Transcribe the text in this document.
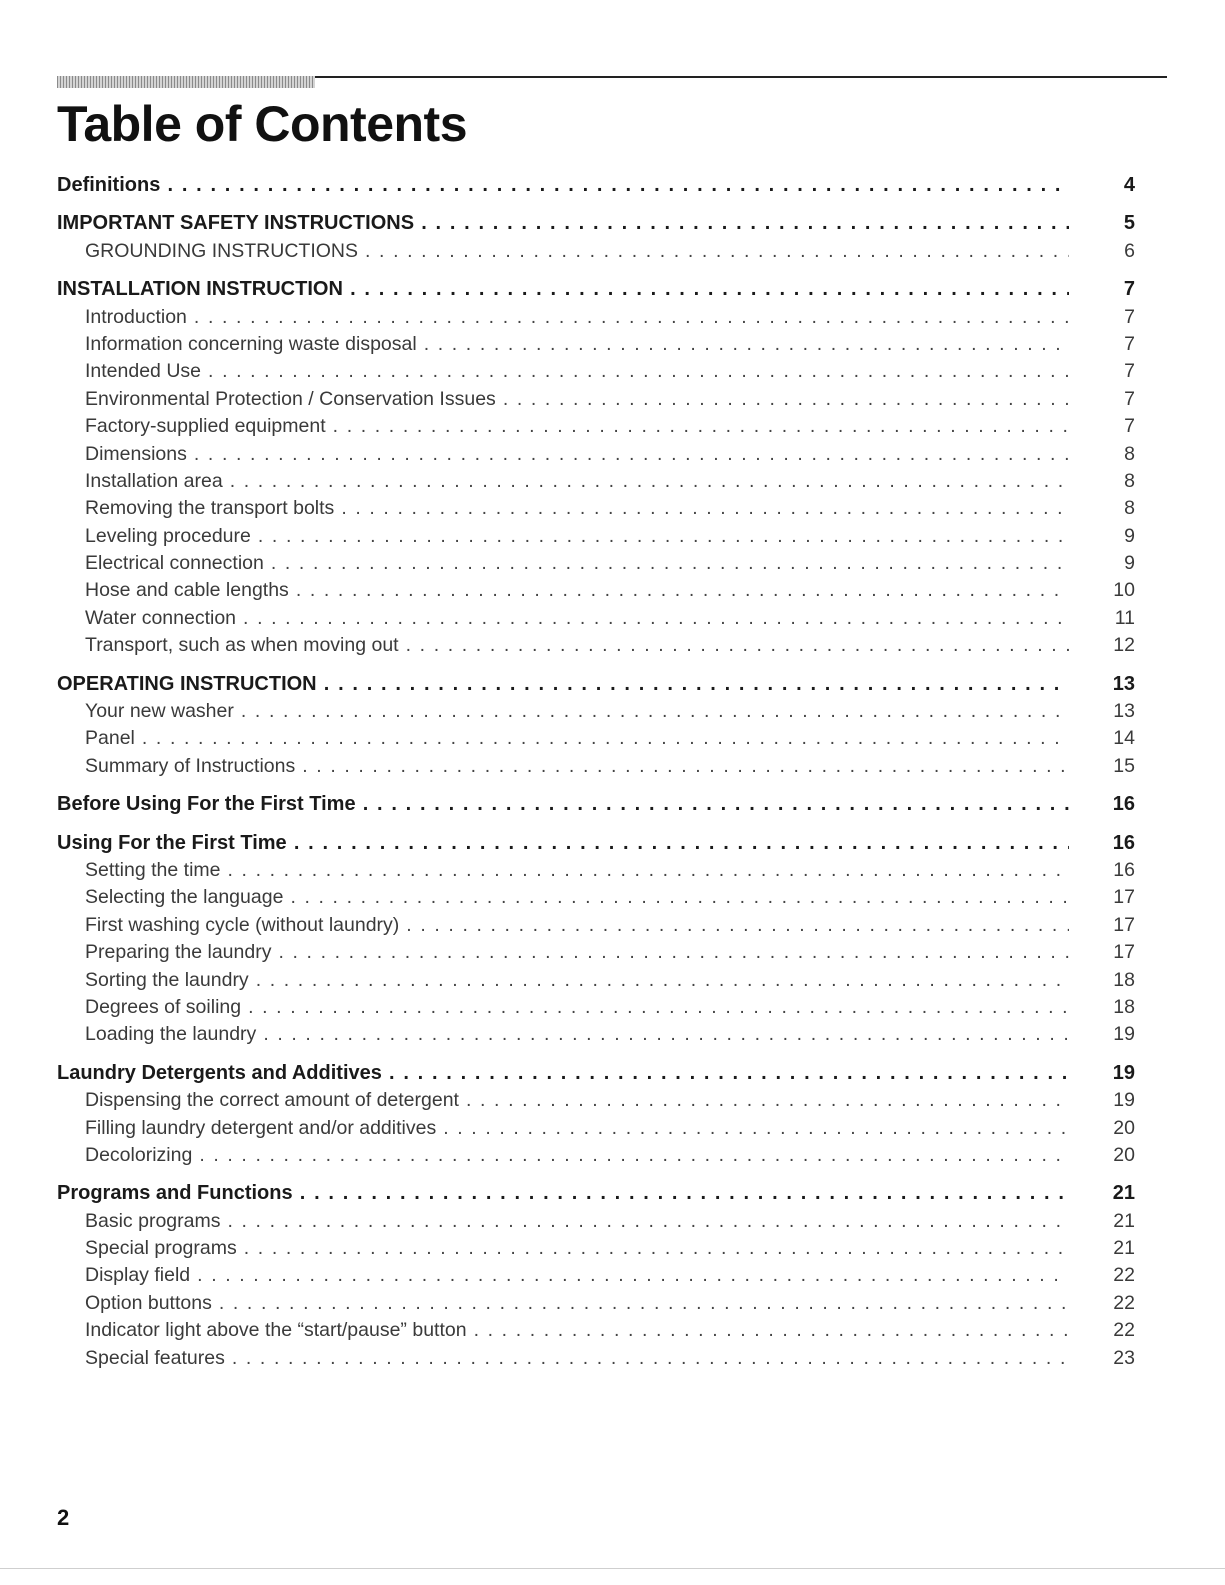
Table of Contents
Definitions . . .	4
IMPORTANT SAFETY INSTRUCTIONS . . .	5
GROUNDING INSTRUCTIONS . . .	6
INSTALLATION INSTRUCTION . . .	7
Introduction . . .	7
Information concerning waste disposal . . .	7
Intended Use . . .	7
Environmental Protection / Conservation Issues . . .	7
Factory-supplied equipment . . .	7
Dimensions . . .	8
Installation area . . .	8
Removing the transport bolts . . .	8
Leveling procedure . . .	9
Electrical connection . . .	9
Hose and cable lengths . . .	10
Water connection . . .	11
Transport, such as when moving out . . .	12
OPERATING INSTRUCTION . . .	13
Your new washer . . .	13
Panel . . .	14
Summary of Instructions . . .	15
Before Using For the First Time . . .	16
Using For the First Time . . .	16
Setting the time . . .	16
Selecting the language . . .	17
First washing cycle (without laundry) . . .	17
Preparing the laundry . . .	17
Sorting the laundry . . .	18
Degrees of soiling . . .	18
Loading the laundry . . .	19
Laundry Detergents and Additives . . .	19
Dispensing the correct amount of detergent . . .	19
Filling laundry detergent and/or additives . . .	20
Decolorizing . . .	20
Programs and Functions . . .	21
Basic programs . . .	21
Special programs . . .	21
Display field . . .	22
Option buttons . . .	22
Indicator light above the “start/pause” button . . .	22
Special features . . .	23
2
